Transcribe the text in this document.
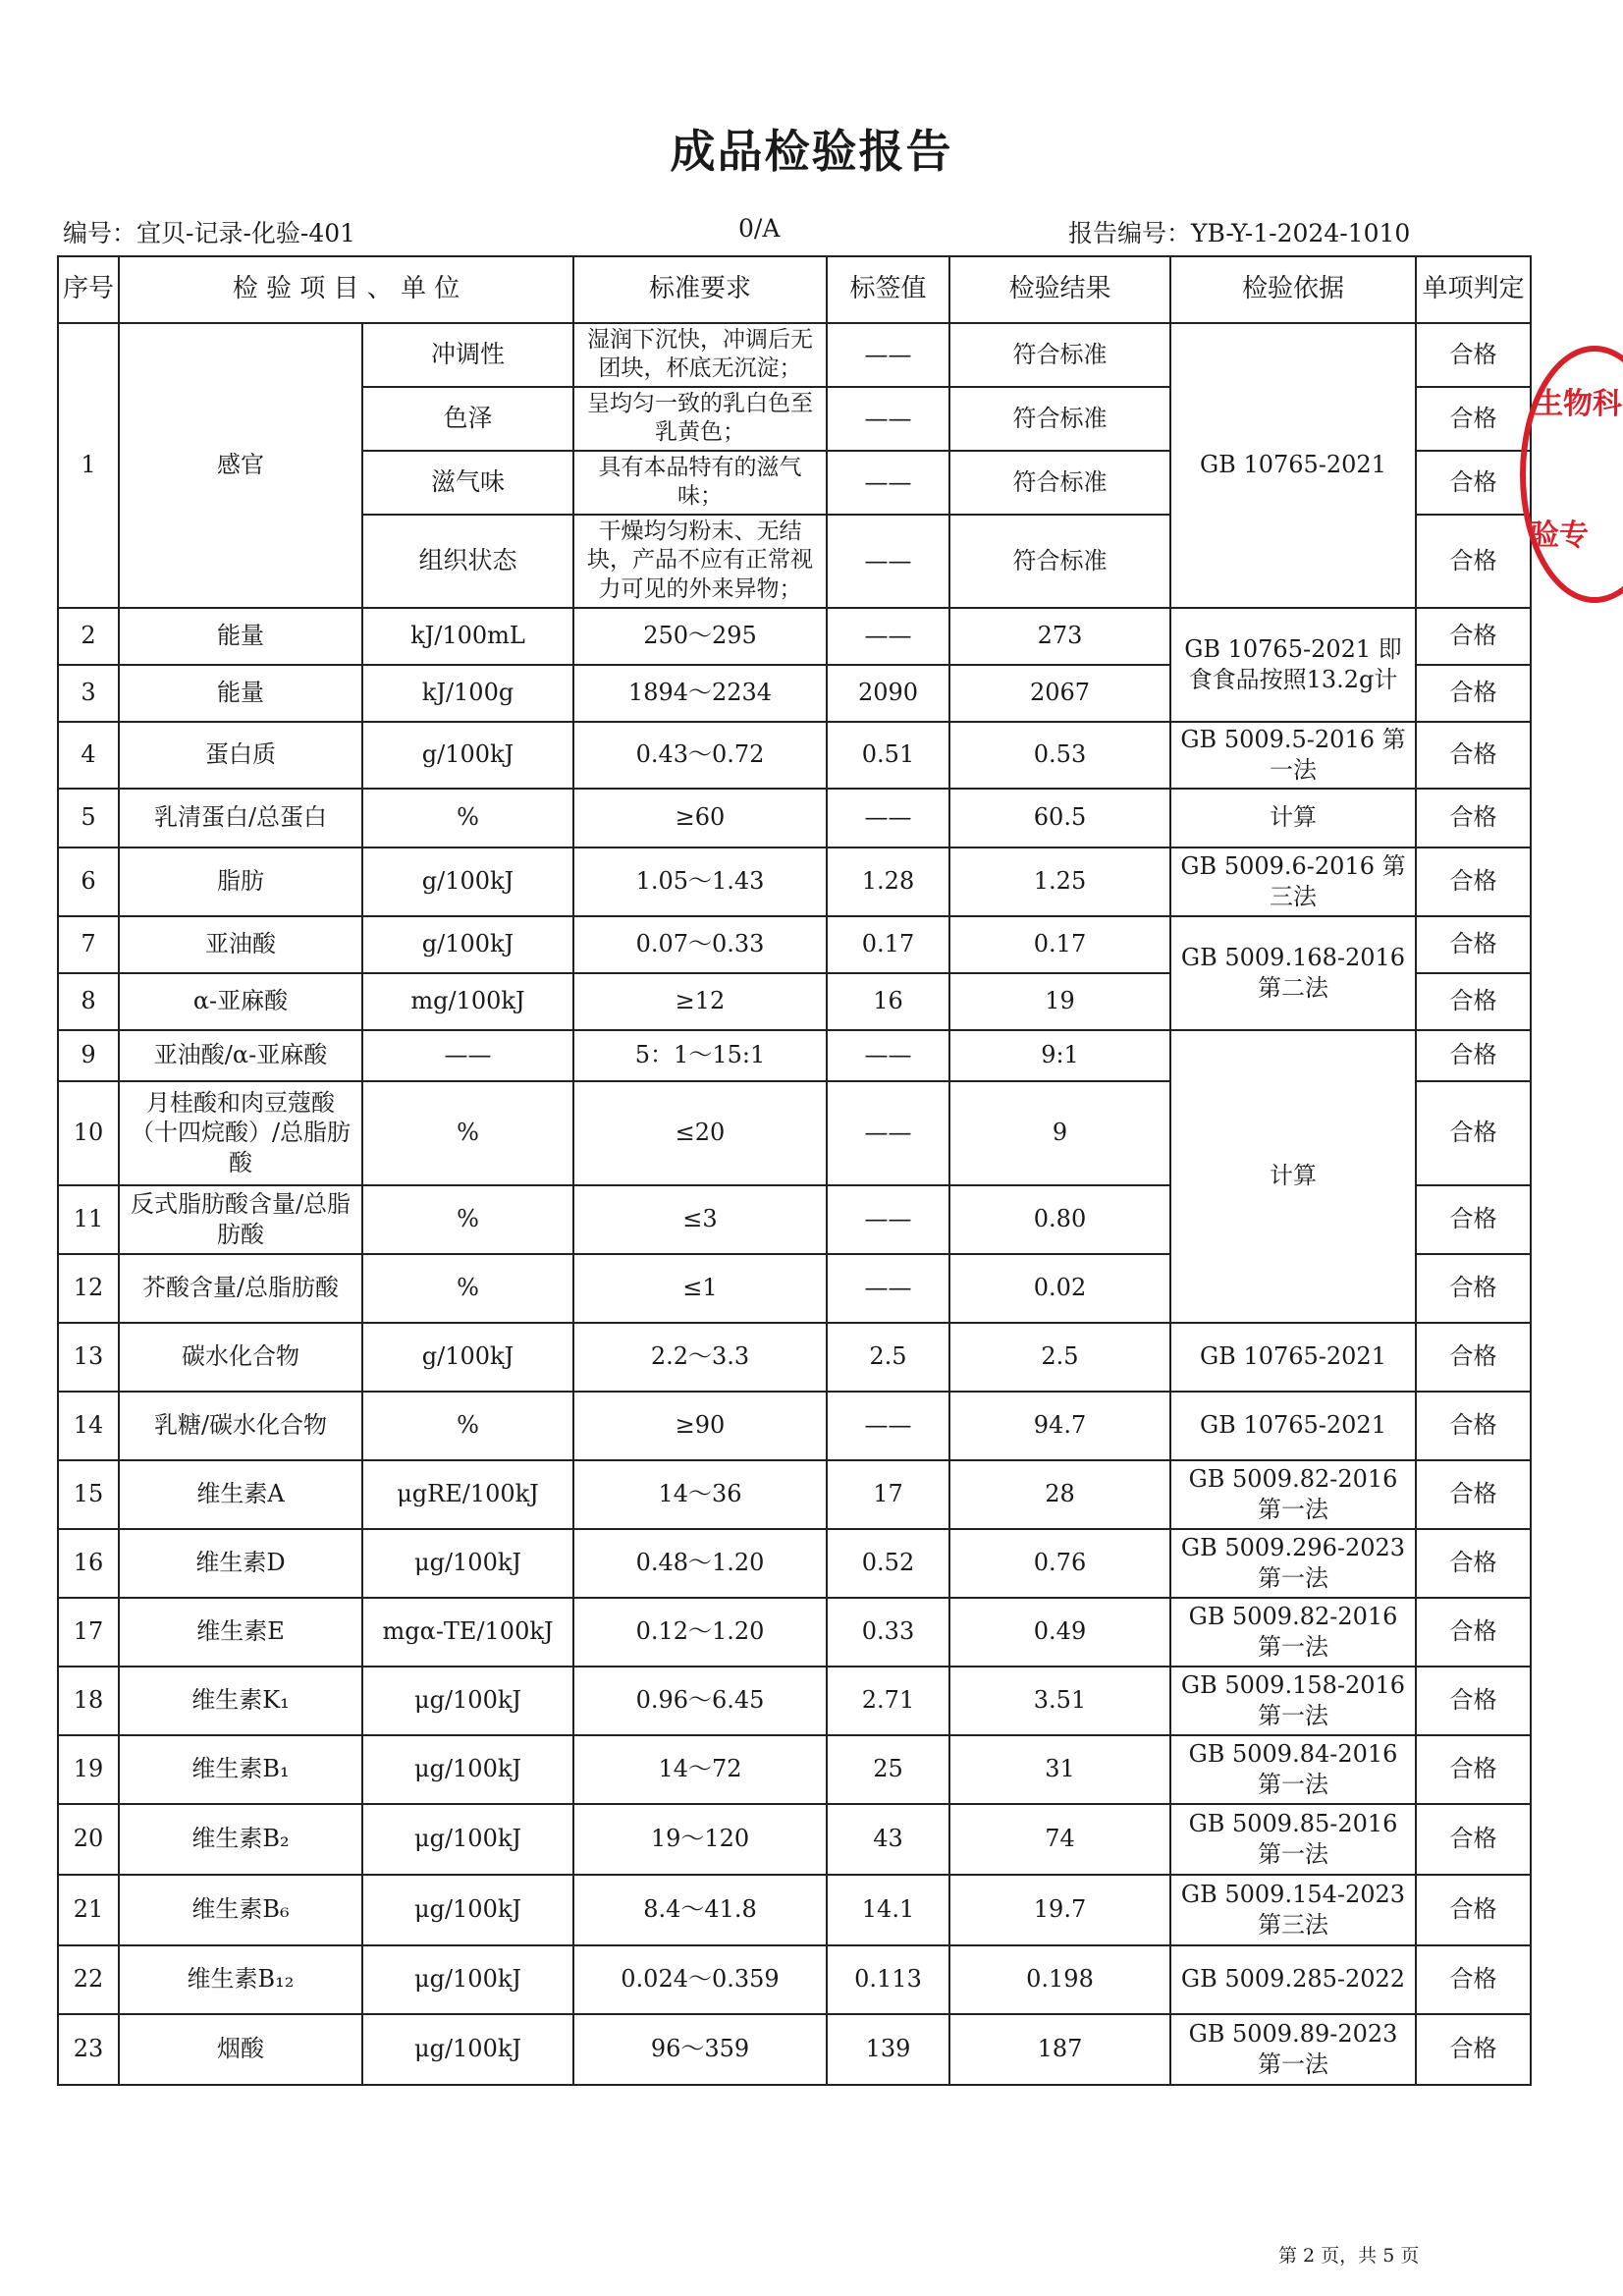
成品检验报告
编号：宜贝-记录-化验-401	0/A	报告编号：YB-Y-1-2024-1010
序号	检 验 项 目 、 单 位		标准要求	标签值	检验结果	检验依据	单项判定
1	感官	冲调性	湿润下沉快，冲调后无团块，杯底无沉淀；	——	符合标准	GB 10765-2021	合格
		色泽	呈均匀一致的乳白色至乳黄色；	——	符合标准		合格
		滋气味	具有本品特有的滋气味；	——	符合标准		合格
		组织状态	干燥均匀粉末、无结块，产品不应有正常视力可见的外来异物；	——	符合标准		合格
2	能量	kJ/100mL	250～295	——	273	GB 10765-2021 即食食品按照13.2g计	合格
3	能量	kJ/100g	1894～2234	2090	2067		合格
4	蛋白质	g/100kJ	0.43～0.72	0.51	0.53	GB 5009.5-2016 第一法	合格
5	乳清蛋白/总蛋白	%	≥60	——	60.5	计算	合格
6	脂肪	g/100kJ	1.05～1.43	1.28	1.25	GB 5009.6-2016 第三法	合格
7	亚油酸	g/100kJ	0.07～0.33	0.17	0.17	GB 5009.168-2016 第二法	合格
8	α-亚麻酸	mg/100kJ	≥12	16	19		合格
9	亚油酸/α-亚麻酸	——	5：1～15:1	——	9:1	计算	合格
10	月桂酸和肉豆蔻酸（十四烷酸）/总脂肪酸	%	≤20	——	9		合格
11	反式脂肪酸含量/总脂肪酸	%	≤3	——	0.80		合格
12	芥酸含量/总脂肪酸	%	≤1	——	0.02		合格
13	碳水化合物	g/100kJ	2.2～3.3	2.5	2.5	GB 10765-2021	合格
14	乳糖/碳水化合物	%	≥90	——	94.7	GB 10765-2021	合格
15	维生素A	μgRE/100kJ	14～36	17	28	GB 5009.82-2016 第一法	合格
16	维生素D	μg/100kJ	0.48～1.20	0.52	0.76	GB 5009.296-2023 第一法	合格
17	维生素E	mgα-TE/100kJ	0.12～1.20	0.33	0.49	GB 5009.82-2016 第一法	合格
18	维生素K₁	μg/100kJ	0.96～6.45	2.71	3.51	GB 5009.158-2016 第一法	合格
19	维生素B₁	μg/100kJ	14～72	25	31	GB 5009.84-2016 第一法	合格
20	维生素B₂	μg/100kJ	19～120	43	74	GB 5009.85-2016 第一法	合格
21	维生素B₆	μg/100kJ	8.4～41.8	14.1	19.7	GB 5009.154-2023 第三法	合格
22	维生素B₁₂	μg/100kJ	0.024～0.359	0.113	0.198	GB 5009.285-2022	合格
23	烟酸	μg/100kJ	96～359	139	187	GB 5009.89-2023 第一法	合格
生物科
验专
第 2 页，共 5 页
